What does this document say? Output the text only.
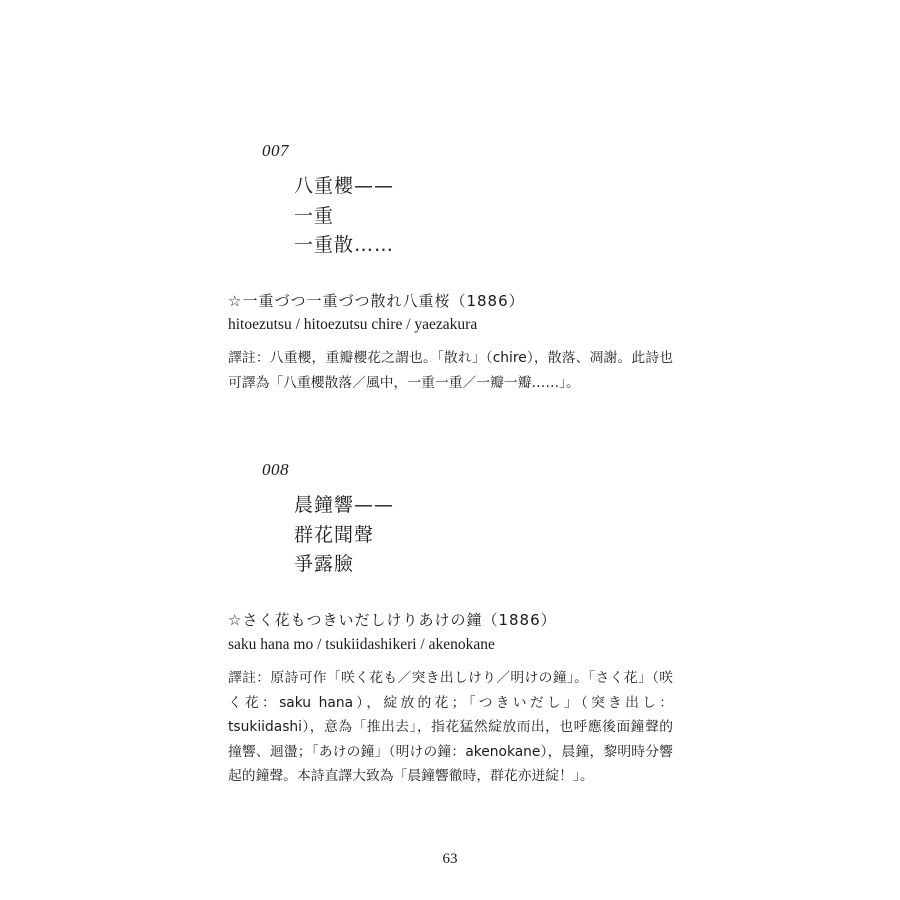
007
八重櫻——
一重
一重散……
☆一重づつ一重づつ散れ八重桜（1886）
hitoezutsu / hitoezutsu chire / yaezakura
譯註：八重櫻，重瓣櫻花之謂也。「散れ」（chire），散落、凋謝。此詩也可譯為「八重櫻散落／風中，一重一重／一瓣一瓣……」。
008
晨鐘響——
群花聞聲
爭露臉
☆さく花もつきいだしけりあけの鐘（1886）
saku hana mo / tsukiidashikeri / akenokane
譯註：原詩可作「咲く花も／突き出しけり／明けの鐘」。「さく花」（咲く花：saku hana），綻放的花；「つきいだし」（突き出し：tsukiidashi），意為「推出去」，指花猛然綻放而出，也呼應後面鐘聲的撞響、迴盪；「あけの鐘」（明けの鐘：akenokane），晨鐘，黎明時分響起的鐘聲。本詩直譯大致為「晨鐘響徹時，群花亦迸綻！」。
63
